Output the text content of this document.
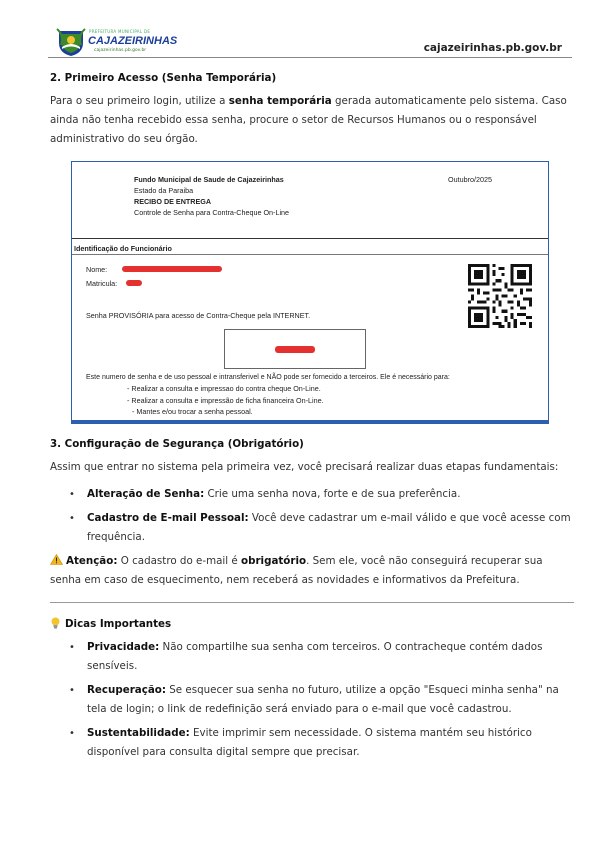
PREFEITURA MUNICIPAL DE
CAJAZEIRINHAS
cajazeirinhas.pb.gov.br	cajazeirinhas.pb.gov.br
2. Primeiro Acesso (Senha Temporária)

Para o seu primeiro login, utilize a senha temporária gerada automaticamente pelo sistema. Caso ainda não tenha recebido essa senha, procure o setor de Recursos Humanos ou o responsável administrativo do seu órgão.

Fundo Municipal de Saude de Cajazeirinhas
Estado da Paraiba
RECIBO DE ENTREGA
Controle de Senha para Contra-Cheque On-Line
Outubro/2025
Identificação do Funcionário
Nome:
Matricula:
Senha PROVISÓRIA para acesso de Contra-Cheque pela INTERNET.
Este numero de senha e de uso pessoal e intransferivel e NÃO pode ser fornecido a terceiros. Ele é necessário para:
- Realizar a consulta e impressao do contra cheque On-Line.
- Realizar a consulta e impressão de ficha financeira On-Line.
- Mantes e/ou trocar a senha pessoal.
3. Configuração de Segurança (Obrigatório)

Assim que entrar no sistema pela primeira vez, você precisará realizar duas etapas fundamentais:

• Alteração de Senha: Crie uma senha nova, forte e de sua preferência.
• Cadastro de E-mail Pessoal: Você deve cadastrar um e-mail válido e que você acesse com frequência.

Atenção: O cadastro do e-mail é obrigatório. Sem ele, você não conseguirá recuperar sua senha em caso de esquecimento, nem receberá as novidades e informativos da Prefeitura.

Dicas Importantes
• Privacidade: Não compartilhe sua senha com terceiros. O contracheque contém dados sensíveis.
• Recuperação: Se esquecer sua senha no futuro, utilize a opção "Esqueci minha senha" na tela de login; o link de redefinição será enviado para o e-mail que você cadastrou.
• Sustentabilidade: Evite imprimir sem necessidade. O sistema mantém seu histórico disponível para consulta digital sempre que precisar.
